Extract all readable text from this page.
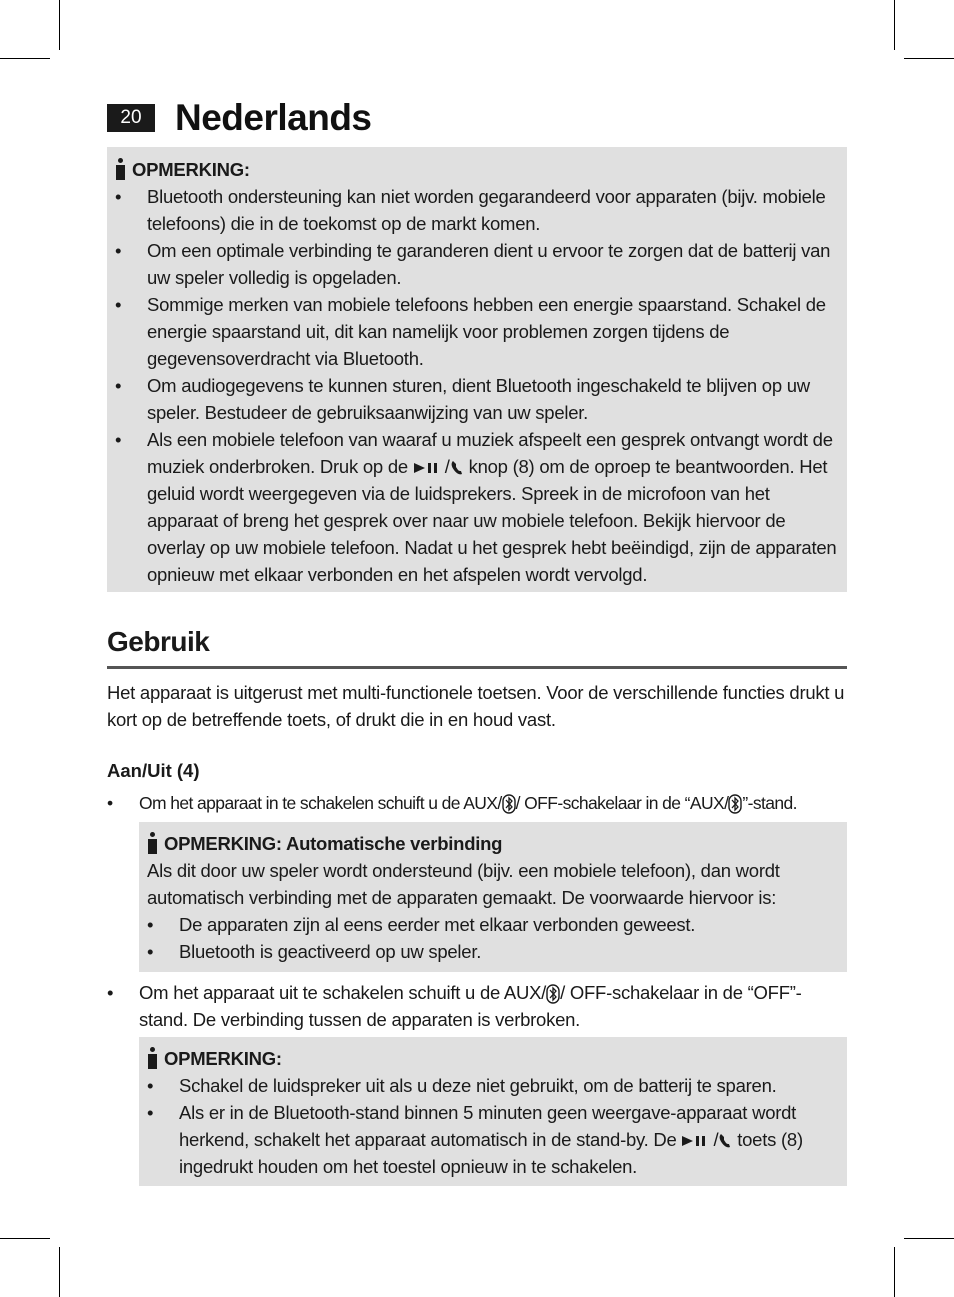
20 Nederlands
OPMERKING:
• Bluetooth ondersteuning kan niet worden gegarandeerd voor apparaten (bijv. mobiele telefoons) die in de toekomst op de markt komen.
• Om een optimale verbinding te garanderen dient u ervoor te zorgen dat de batterij van uw speler volledig is opgeladen.
• Sommige merken van mobiele telefoons hebben een energie spaarstand. Schakel de energie spaarstand uit, dit kan namelijk voor problemen zorgen tijdens de gegevensoverdracht via Bluetooth.
• Om audiogegevens te kunnen sturen, dient Bluetooth ingeschakeld te blijven op uw speler. Bestudeer de gebruiksaanwijzing van uw speler.
• Als een mobiele telefoon van waaraf u muziek afspeelt een gesprek ontvangt wordt de muziek onderbroken. Druk op de / knop (8) om de oproep te beantwoorden. Het geluid wordt weergegeven via de luidsprekers. Spreek in de microfoon van het apparaat of breng het gesprek over naar uw mobiele telefoon. Bekijk hiervoor de overlay op uw mobiele telefoon. Nadat u het gesprek hebt beëindigd, zijn de apparaten opnieuw met elkaar verbonden en het afspelen wordt vervolgd.
Gebruik
Het apparaat is uitgerust met multi-functionele toetsen. Voor de verschillende functies drukt u kort op de betreffende toets, of drukt die in en houd vast.
Aan/Uit (4)
• Om het apparaat in te schakelen schuift u de AUX/ / OFF-schakelaar in de “AUX/ ”-stand.
OPMERKING: Automatische verbinding
Als dit door uw speler wordt ondersteund (bijv. een mobiele telefoon), dan wordt automatisch verbinding met de apparaten gemaakt. De voorwaarde hiervoor is:
• De apparaten zijn al eens eerder met elkaar verbonden geweest.
• Bluetooth is geactiveerd op uw speler.
• Om het apparaat uit te schakelen schuift u de AUX/ / OFF-schakelaar in de “OFF”-stand. De verbinding tussen de apparaten is verbroken.
OPMERKING:
• Schakel de luidspreker uit als u deze niet gebruikt, om de batterij te sparen.
• Als er in de Bluetooth-stand binnen 5 minuten geen weergave-apparaat wordt herkend, schakelt het apparaat automatisch in de stand-by. De / toets (8) ingedrukt houden om het toestel opnieuw in te schakelen.
